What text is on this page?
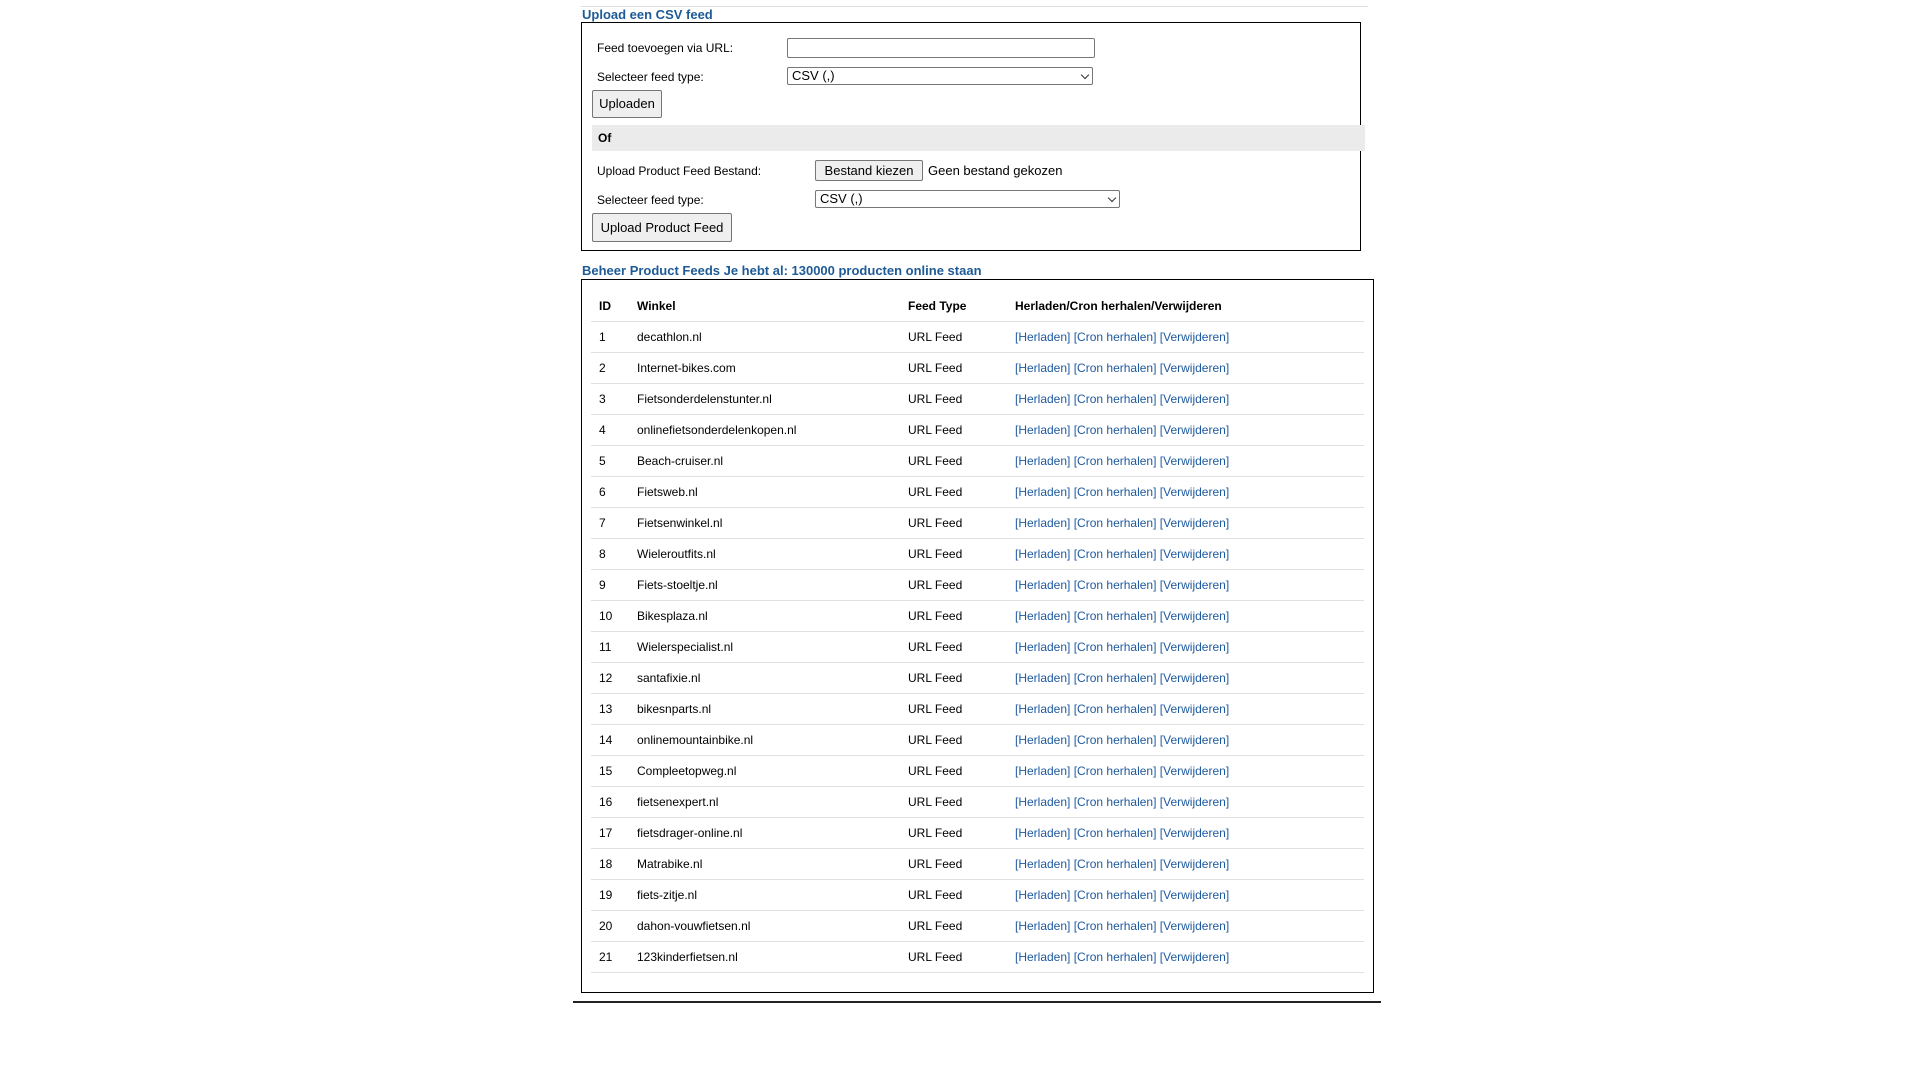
Upload een CSV feed
Feed toevoegen via URL:
Selecteer feed type:	CSV (,)
Uploaden
Of
Upload Product Feed Bestand:	Bestand kiezen	Geen bestand gekozen
Selecteer feed type:	CSV (,)
Upload Product Feed
Beheer Product Feeds Je hebt al: 130000 producten online staan
ID	Winkel	Feed Type	Herladen/Cron herhalen/Verwijderen
1	decathlon.nl	URL Feed	[Herladen] [Cron herhalen] [Verwijderen]
2	Internet-bikes.com	URL Feed	[Herladen] [Cron herhalen] [Verwijderen]
3	Fietsonderdelenstunter.nl	URL Feed	[Herladen] [Cron herhalen] [Verwijderen]
4	onlinefietsonderdelenkopen.nl	URL Feed	[Herladen] [Cron herhalen] [Verwijderen]
5	Beach-cruiser.nl	URL Feed	[Herladen] [Cron herhalen] [Verwijderen]
6	Fietsweb.nl	URL Feed	[Herladen] [Cron herhalen] [Verwijderen]
7	Fietsenwinkel.nl	URL Feed	[Herladen] [Cron herhalen] [Verwijderen]
8	Wieleroutfits.nl	URL Feed	[Herladen] [Cron herhalen] [Verwijderen]
9	Fiets-stoeltje.nl	URL Feed	[Herladen] [Cron herhalen] [Verwijderen]
10	Bikesplaza.nl	URL Feed	[Herladen] [Cron herhalen] [Verwijderen]
11	Wielerspecialist.nl	URL Feed	[Herladen] [Cron herhalen] [Verwijderen]
12	santafixie.nl	URL Feed	[Herladen] [Cron herhalen] [Verwijderen]
13	bikesnparts.nl	URL Feed	[Herladen] [Cron herhalen] [Verwijderen]
14	onlinemountainbike.nl	URL Feed	[Herladen] [Cron herhalen] [Verwijderen]
15	Compleetopweg.nl	URL Feed	[Herladen] [Cron herhalen] [Verwijderen]
16	fietsenexpert.nl	URL Feed	[Herladen] [Cron herhalen] [Verwijderen]
17	fietsdrager-online.nl	URL Feed	[Herladen] [Cron herhalen] [Verwijderen]
18	Matrabike.nl	URL Feed	[Herladen] [Cron herhalen] [Verwijderen]
19	fiets-zitje.nl	URL Feed	[Herladen] [Cron herhalen] [Verwijderen]
20	dahon-vouwfietsen.nl	URL Feed	[Herladen] [Cron herhalen] [Verwijderen]
21	123kinderfietsen.nl	URL Feed	[Herladen] [Cron herhalen] [Verwijderen]
